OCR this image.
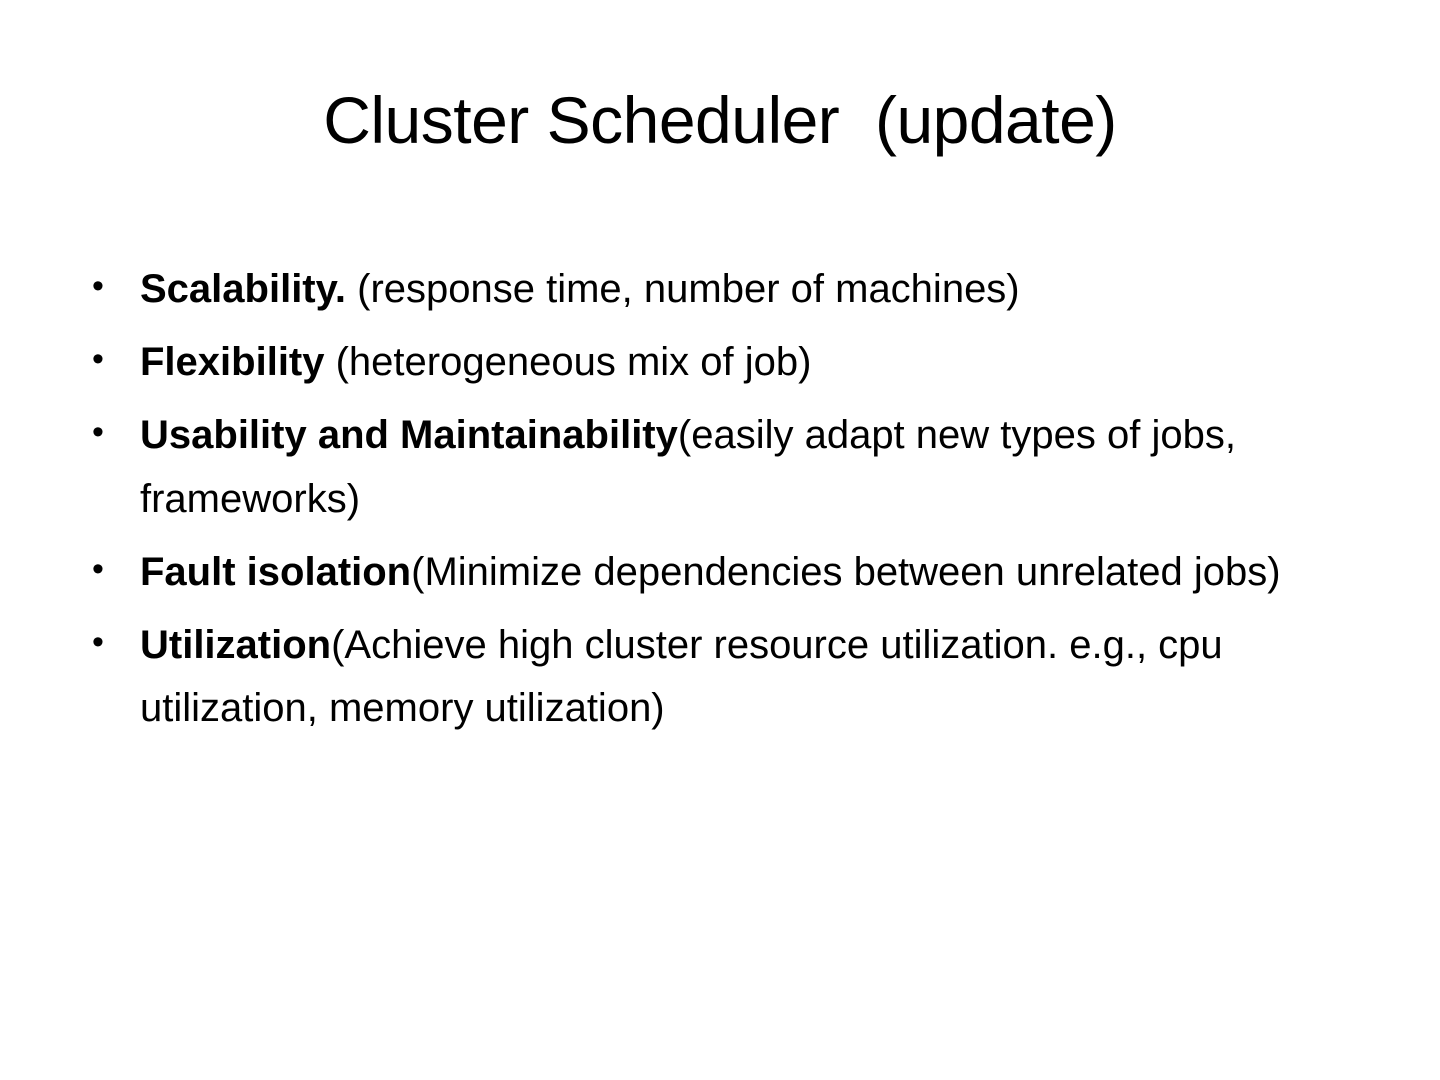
Cluster Scheduler  (update)
• Scalability. (response time, number of machines)
• Flexibility (heterogeneous mix of job)
• Usability and Maintainability(easily adapt new types of jobs, frameworks)
• Fault isolation(Minimize dependencies between unrelated jobs)
• Utilization(Achieve high cluster resource utilization. e.g., cpu utilization, memory utilization)
